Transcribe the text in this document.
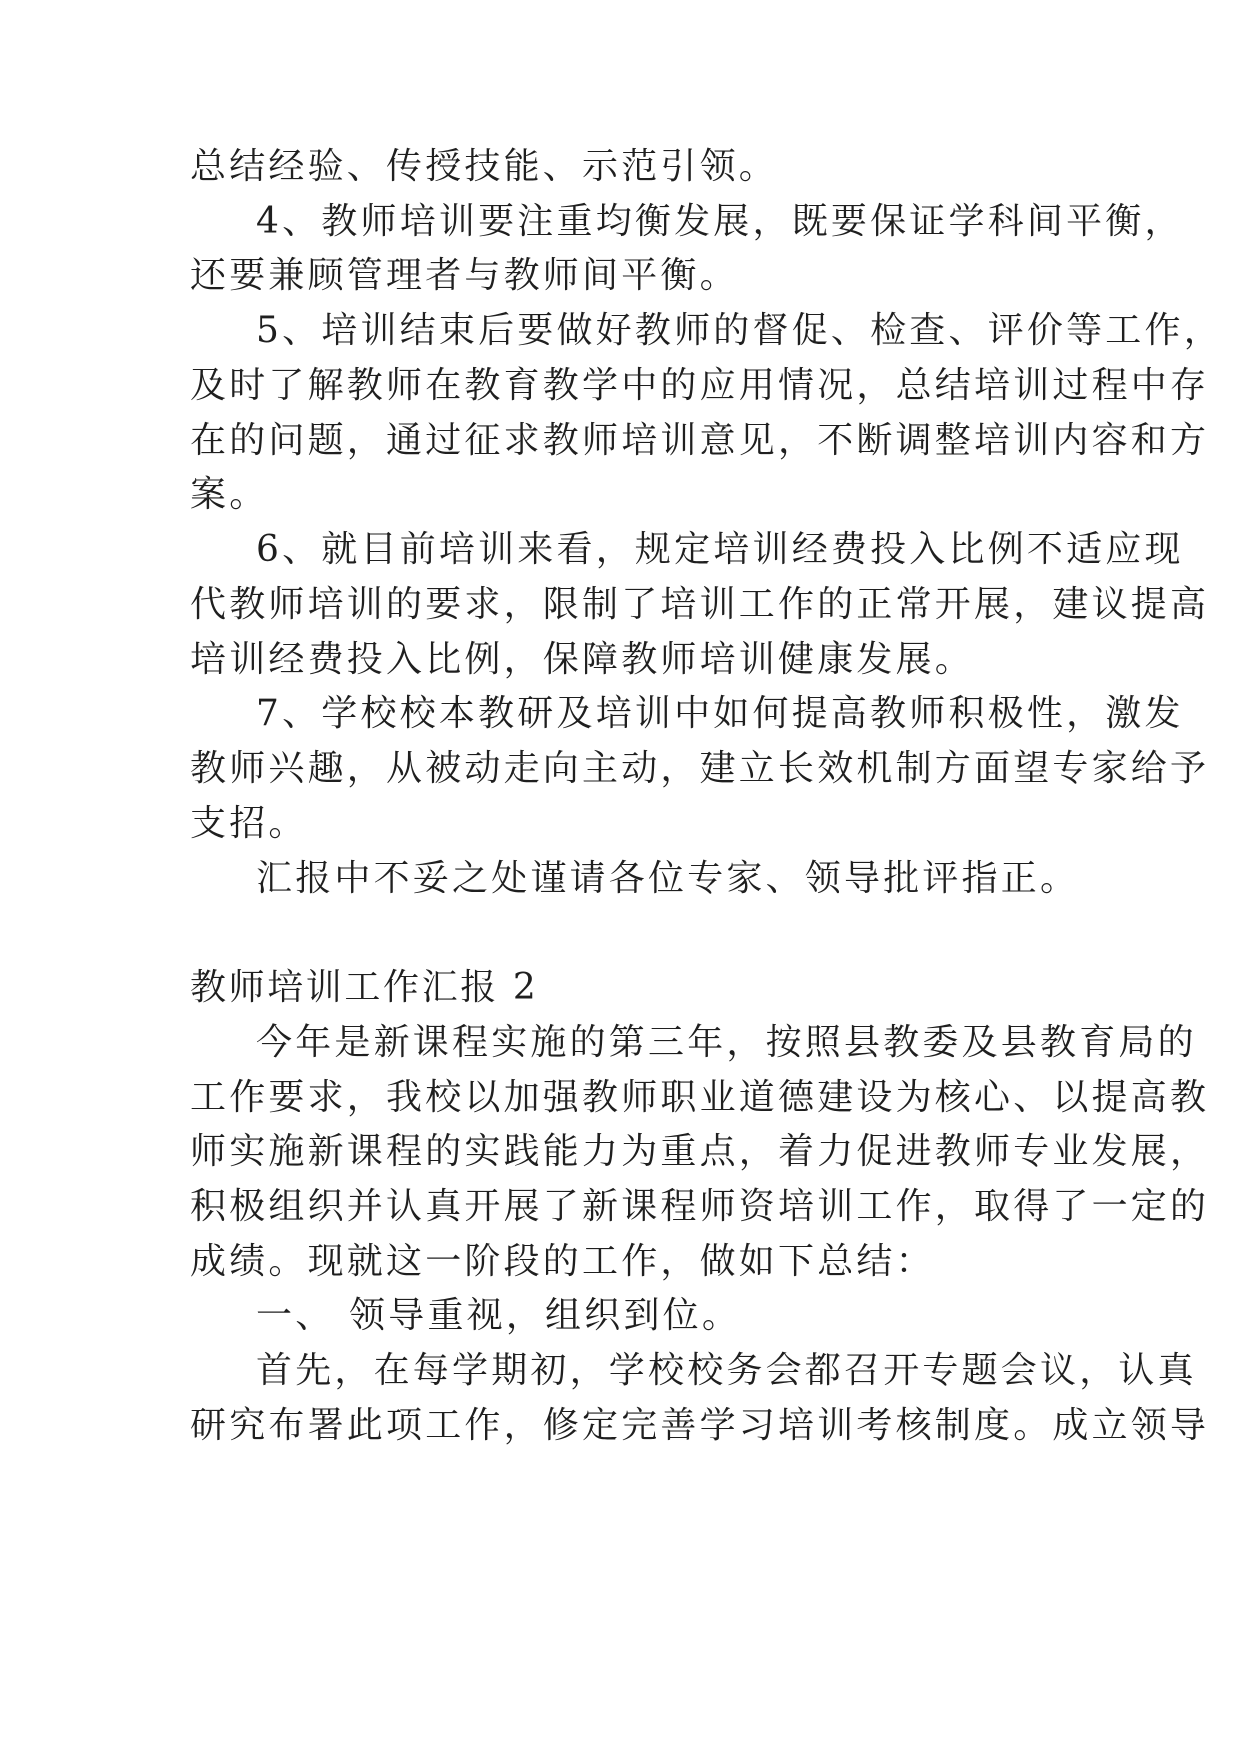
总结经验、传授技能、示范引领。
4、教师培训要注重均衡发展，既要保证学科间平衡，
还要兼顾管理者与教师间平衡。
5、培训结束后要做好教师的督促、检查、评价等工作，
及时了解教师在教育教学中的应用情况，总结培训过程中存
在的问题，通过征求教师培训意见，不断调整培训内容和方
案。
6、就目前培训来看，规定培训经费投入比例不适应现
代教师培训的要求，限制了培训工作的正常开展，建议提高
培训经费投入比例，保障教师培训健康发展。
7、学校校本教研及培训中如何提高教师积极性，激发
教师兴趣，从被动走向主动，建立长效机制方面望专家给予
支招。
汇报中不妥之处谨请各位专家、领导批评指正。
教师培训工作汇报 2
今年是新课程实施的第三年，按照县教委及县教育局的
工作要求，我校以加强教师职业道德建设为核心、以提高教
师实施新课程的实践能力为重点，着力促进教师专业发展，
积极组织并认真开展了新课程师资培训工作，取得了一定的
成绩。现就这一阶段的工作，做如下总结：
一、 领导重视，组织到位。
首先，在每学期初，学校校务会都召开专题会议，认真
研究布署此项工作，修定完善学习培训考核制度。成立领导
